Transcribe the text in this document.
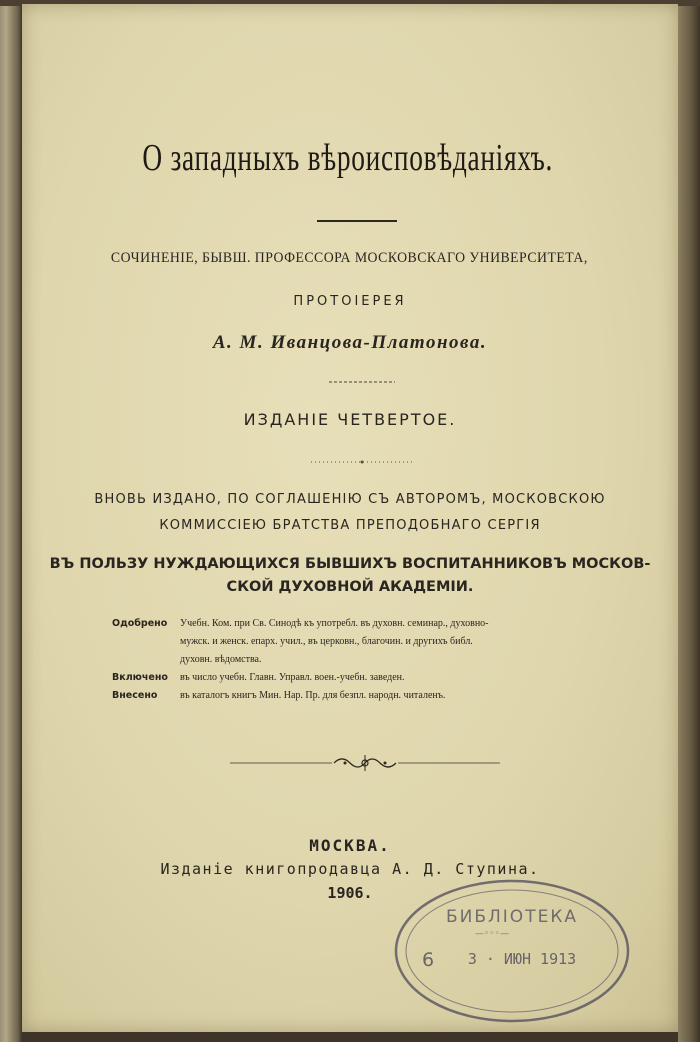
О западныхъ вѣроисповѣданіяхъ.
СОЧИНЕНІЕ, БЫВШ. ПРОФЕССОРА МОСКОВСКАГО УНИВЕРСИТЕТА,
ПРОТОІЕРЕЯ
А. М. Иванцова-Платонова.
ИЗДАНІЕ ЧЕТВЕРТОЕ.
ВНОВЬ ИЗДАНО, ПО СОГЛАШЕНІЮ СЪ АВТОРОМЪ, МОСКОВСКОЮ
КОММИССІЕЮ БРАТСТВА ПРЕПОДОБНАГО СЕРГІЯ
ВЪ ПОЛЬЗУ НУЖДАЮЩИХСЯ БЫВШИХЪ ВОСПИТАННИКОВЪ МОСКОВ-
СКОЙ ДУХОВНОЙ АКАДЕМІИ.
Одобрено	Учебн. Ком. при Св. Синодѣ къ употребл. въ духовн. семинар., духовно-
мужск. и женск. епарх. учил., въ церковн., благочин. и другихъ библ.
духовн. вѣдомства.
Включено	въ число учебн. Главн. Управл. воен.-учебн. заведен.
Внесено	въ каталогъ книгъ Мин. Нар. Пр. для безпл. народн. читаленъ.
МОСКВА.
Изданіе книгопродавца А. Д. Ступина.
1906.
БИБЛІОТЕКА
—◦◦◦—
6 3 · ИЮН 1913
